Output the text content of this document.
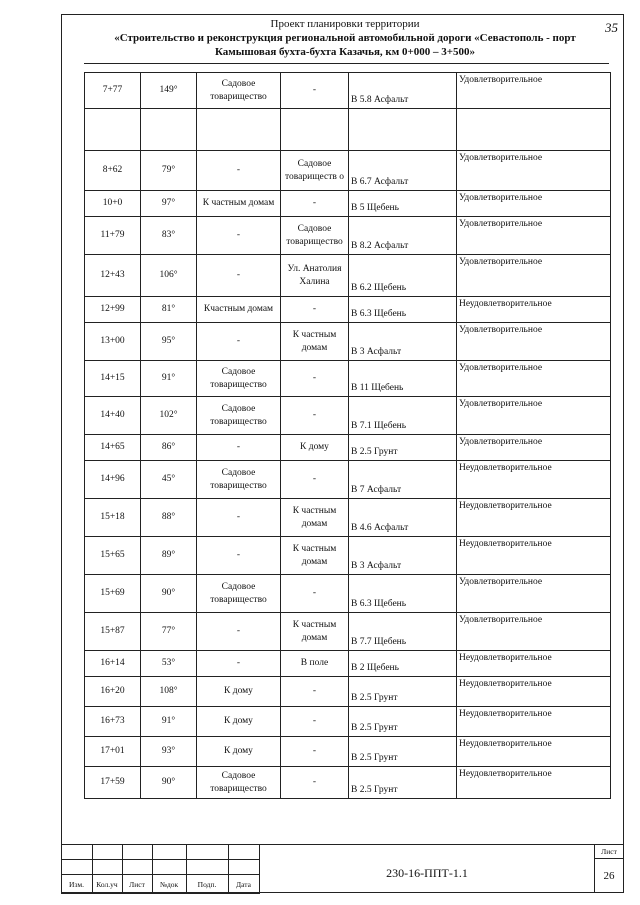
35
Проект планировки территории
«Строительство и реконструкция региональной автомобильной дороги «Севастополь - порт
Камышовая бухта-бухта Казачья, км 0+000 – 3+500»
7+77	149°	Садовое товарищество	-	В 5.8 Асфальт	Удовлетворительное

8+62	79°	-	Садовое товариществ о	В 6.7 Асфальт	Удовлетворительное
10+0	97°	К частным домам	-	В 5 Щебень	Удовлетворительное
11+79	83°	-	Садовое товарищество	В 8.2 Асфальт	Удовлетворительное
12+43	106°	-	Ул. Анатолия Халина	В 6.2 Щебень	Удовлетворительное
12+99	81°	Кчастным домам	-	В 6.3 Щебень	Неудовлетворительное
13+00	95°	-	К частным домам	В 3 Асфальт	Удовлетворительное
14+15	91°	Садовое товарищество	-	В 11 Щебень	Удовлетворительное
14+40	102°	Садовое товарищество	-	В 7.1 Щебень	Удовлетворительное
14+65	86°	-	К дому	В 2.5 Грунт	Удовлетворительное
14+96	45°	Садовое товарищество	-	В 7 Асфальт	Неудовлетворительное
15+18	88°	-	К частным домам	В 4.6 Асфальт	Неудовлетворительное
15+65	89°	-	К частным домам	В 3 Асфальт	Неудовлетворительное
15+69	90°	Садовое товарищество	-	В 6.3 Щебень	Удовлетворительное
15+87	77°	-	К частным домам	В 7.7 Щебень	Удовлетворительное
16+14	53°	-	В поле	В 2 Щебень	Неудовлетворительное
16+20	108°	К дому	-	В 2.5 Грунт	Неудовлетворительное
16+73	91°	К дому	-	В 2.5 Грунт	Неудовлетворительное
17+01	93°	К дому	-	В 2.5 Грунт	Неудовлетворительное
17+59	90°	Садовое товарищество	-	В 2.5 Грунт	Неудовлетворительное
Изм.	Кол.уч	Лист	№док	Подп.	Дата
230-16-ППТ-1.1
Лист
26
